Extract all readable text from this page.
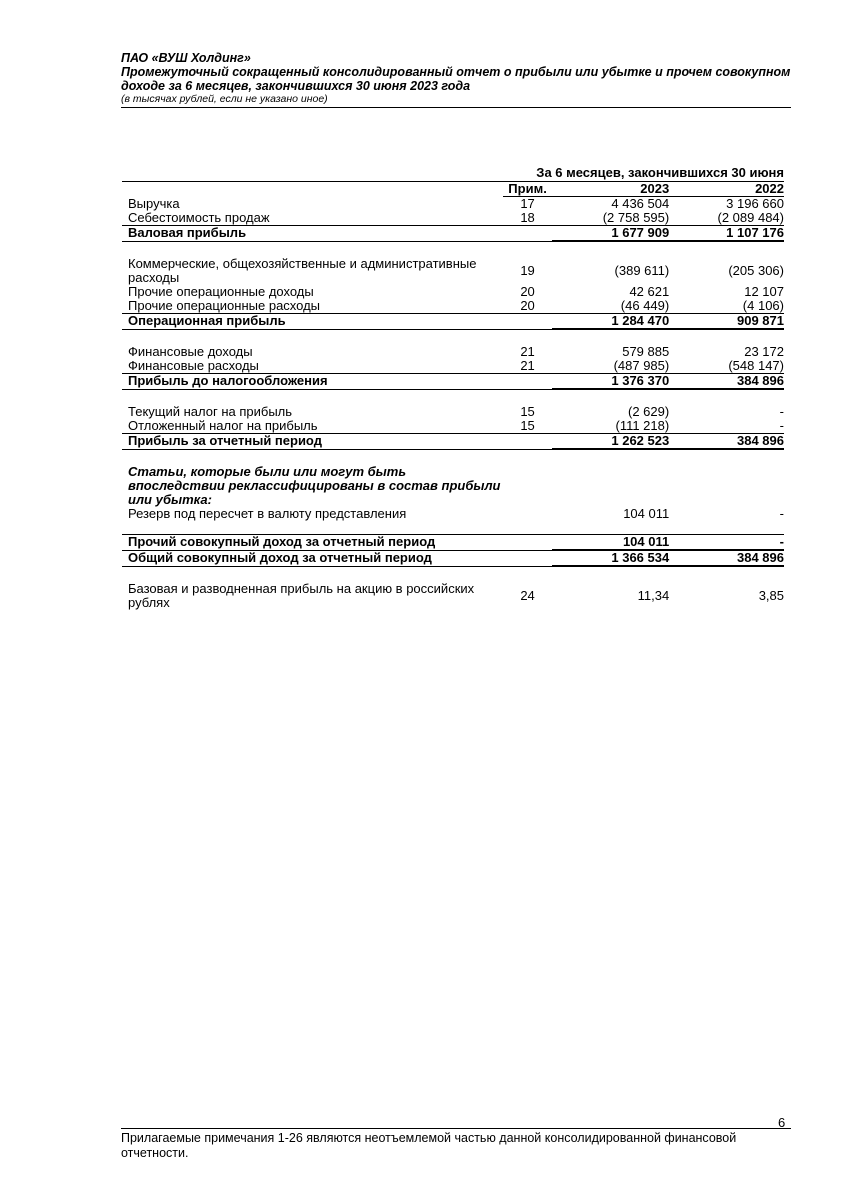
ПАО «ВУШ Холдинг»
Промежуточный сокращенный консолидированный отчет о прибыли или убытке и прочем совокупном доходе за 6 месяцев, закончившихся 30 июня 2023 года
(в тысячах рублей, если не указано иное)
	За 6 месяцев, закончившихся 30 июня		
	Прим.	2023	2022
Выручка	17	4 436 504	3 196 660
Себестоимость продаж	18	(2 758 595)	(2 089 484)
Валовая прибыль		1 677 909	1 107 176

Коммерческие, общехозяйственные и административные расходы	19	(389 611)	(205 306)
Прочие операционные доходы	20	42 621	12 107
Прочие операционные расходы	20	(46 449)	(4 106)
Операционная прибыль		1 284 470	909 871

Финансовые доходы	21	579 885	23 172
Финансовые расходы	21	(487 985)	(548 147)
Прибыль до налогообложения		1 376 370	384 896

Текущий налог на прибыль	15	(2 629)	-
Отложенный налог на прибыль	15	(111 218)	-
Прибыль за отчетный период		1 262 523	384 896

Статьи, которые были или могут быть впоследствии реклассифицированы в состав прибыли или убытка:			
Резерв под пересчет в валюту представления		104 011	-

Прочий совокупный доход за отчетный период		104 011	-
Общий совокупный доход за отчетный период		1 366 534	384 896

Базовая и разводненная прибыль на акцию в российских рублях	24	11,34	3,85
6
Прилагаемые примечания 1-26 являются неотъемлемой частью данной консолидированной финансовой отчетности.
